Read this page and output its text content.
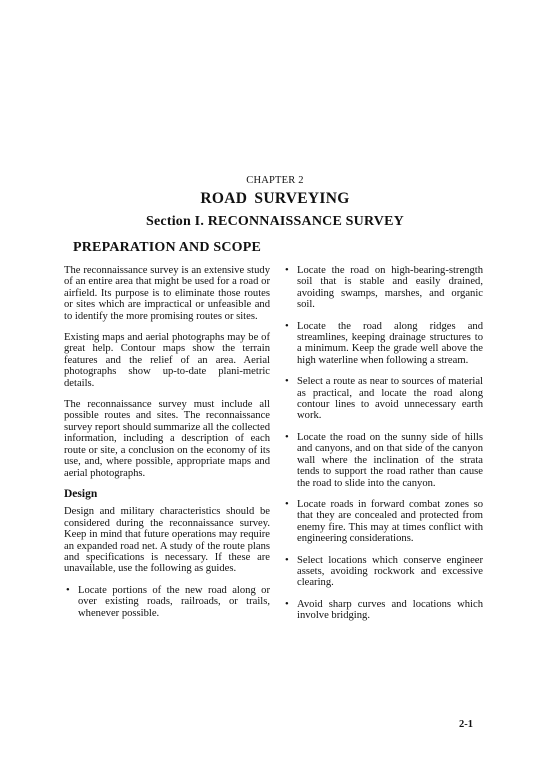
CHAPTER 2
ROAD SURVEYING
Section I. RECONNAISSANCE SURVEY
PREPARATION AND SCOPE

The reconnaissance survey is an extensive study of an entire area that might be used for a road or airfield. Its purpose is to eliminate those routes or sites which are impractical or unfeasible and to identify the more promising routes or sites.

Existing maps and aerial photographs may be of great help. Contour maps show the terrain features and the relief of an area. Aerial photographs show up-to-date plani-metric details.

The reconnaissance survey must include all possible routes and sites. The reconnaissance survey report should summarize all the collected information, including a description of each route or site, a conclusion on the economy of its use, and, where possible, appropriate maps and aerial photographs.

Design

Design and military characteristics should be considered during the reconnaissance survey. Keep in mind that future operations may require an expanded road net. A study of the route plans and specifications is necessary. If these are unavailable, use the following as guides.

• Locate portions of the new road along or over existing roads, railroads, or trails, whenever possible.
• Locate the road on high-bearing-strength soil that is stable and easily drained, avoiding swamps, marshes, and organic soil.
• Locate the road along ridges and streamlines, keeping drainage structures to a minimum. Keep the grade well above the high waterline when following a stream.
• Select a route as near to sources of material as practical, and locate the road along contour lines to avoid unnecessary earth work.
• Locate the road on the sunny side of hills and canyons, and on that side of the canyon wall where the inclination of the strata tends to support the road rather than cause the road to slide into the canyon.
• Locate roads in forward combat zones so that they are concealed and protected from enemy fire. This may at times conflict with engineering considerations.
• Select locations which conserve engineer assets, avoiding rockwork and excessive clearing.
• Avoid sharp curves and locations which involve bridging.
2-1
